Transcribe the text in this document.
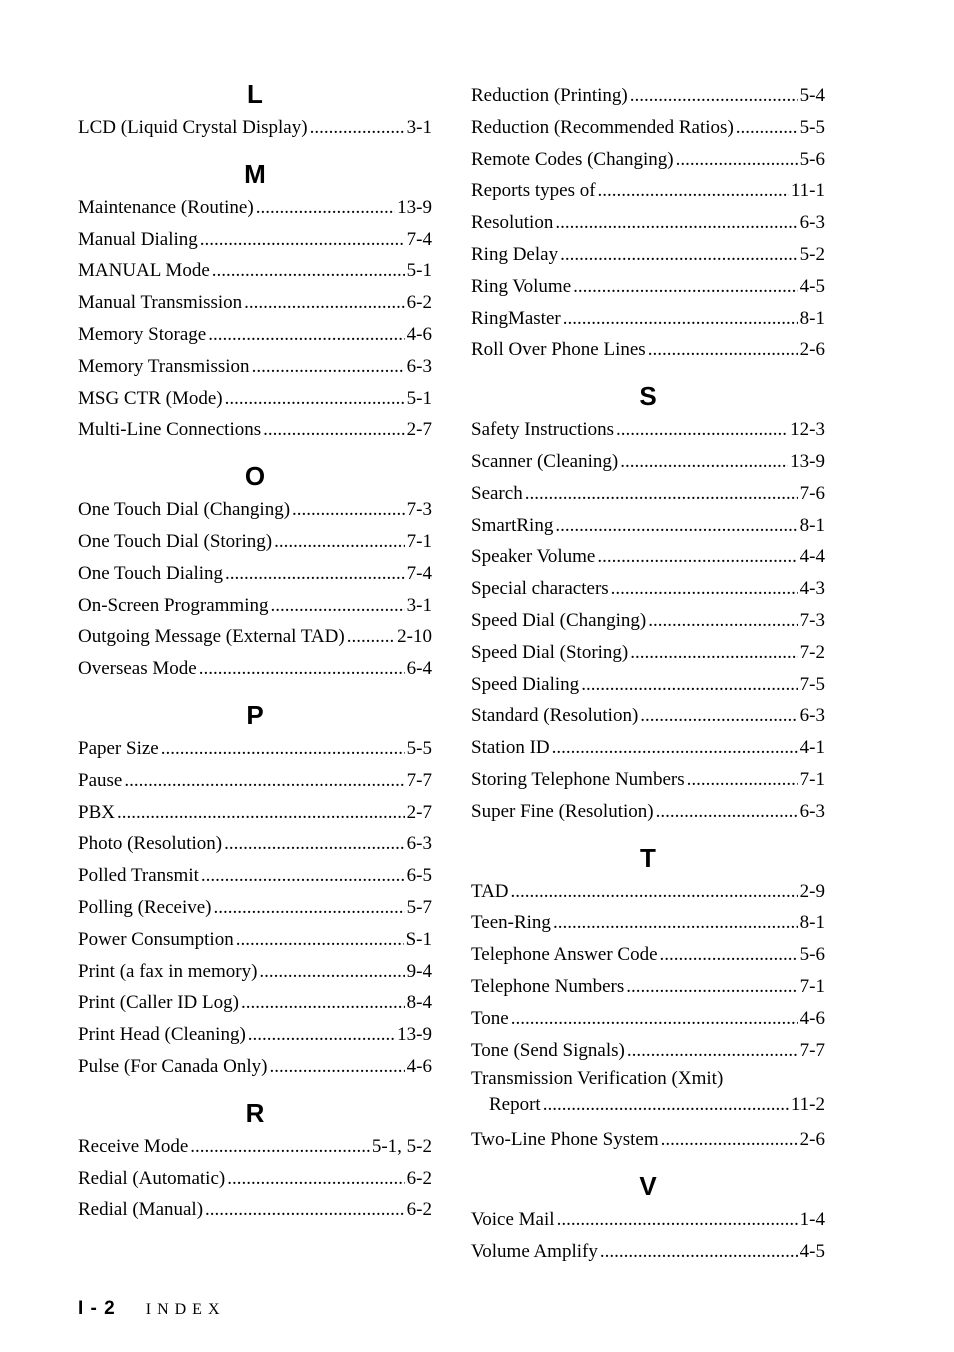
L
LCD (Liquid Crystal Display) .....	3-1
M
Maintenance (Routine) .....	13-9
Manual Dialing .....	7-4
MANUAL Mode .....	5-1
Manual Transmission .....	6-2
Memory Storage .....	4-6
Memory Transmission .....	6-3
MSG CTR (Mode) .....	5-1
Multi-Line Connections .....	2-7
O
One Touch Dial (Changing) .....	7-3
One Touch Dial (Storing) .....	7-1
One Touch Dialing .....	7-4
On-Screen Programming .....	3-1
Outgoing Message (External TAD) .....	2-10
Overseas Mode .....	6-4
P
Paper Size .....	5-5
Pause .....	7-7
PBX .....	2-7
Photo (Resolution) .....	6-3
Polled Transmit .....	6-5
Polling (Receive) .....	5-7
Power Consumption .....	S-1
Print (a fax in memory) .....	9-4
Print (Caller ID Log) .....	8-4
Print Head (Cleaning) .....	13-9
Pulse (For Canada Only) .....	4-6
R
Receive Mode .....	5-1, 5-2
Redial (Automatic) .....	6-2
Redial (Manual) .....	6-2
Reduction (Printing) .....	5-4
Reduction (Recommended Ratios) .....	5-5
Remote Codes (Changing) .....	5-6
Reports types of .....	11-1
Resolution .....	6-3
Ring Delay .....	5-2
Ring Volume .....	4-5
RingMaster .....	8-1
Roll Over Phone Lines .....	2-6
S
Safety Instructions .....	12-3
Scanner (Cleaning) .....	13-9
Search .....	7-6
SmartRing .....	8-1
Speaker Volume .....	4-4
Special characters .....	4-3
Speed Dial (Changing) .....	7-3
Speed Dial (Storing) .....	7-2
Speed Dialing .....	7-5
Standard (Resolution) .....	6-3
Station ID .....	4-1
Storing Telephone Numbers .....	7-1
Super Fine (Resolution) .....	6-3
T
TAD .....	2-9
Teen-Ring .....	8-1
Telephone Answer Code .....	5-6
Telephone Numbers .....	7-1
Tone .....	4-6
Tone (Send Signals) .....	7-7
Transmission Verification (Xmit)
Report .....	11-2
Two-Line Phone System .....	2-6
V
Voice Mail .....	1-4
Volume Amplify .....	4-5
I - 2 INDEX
